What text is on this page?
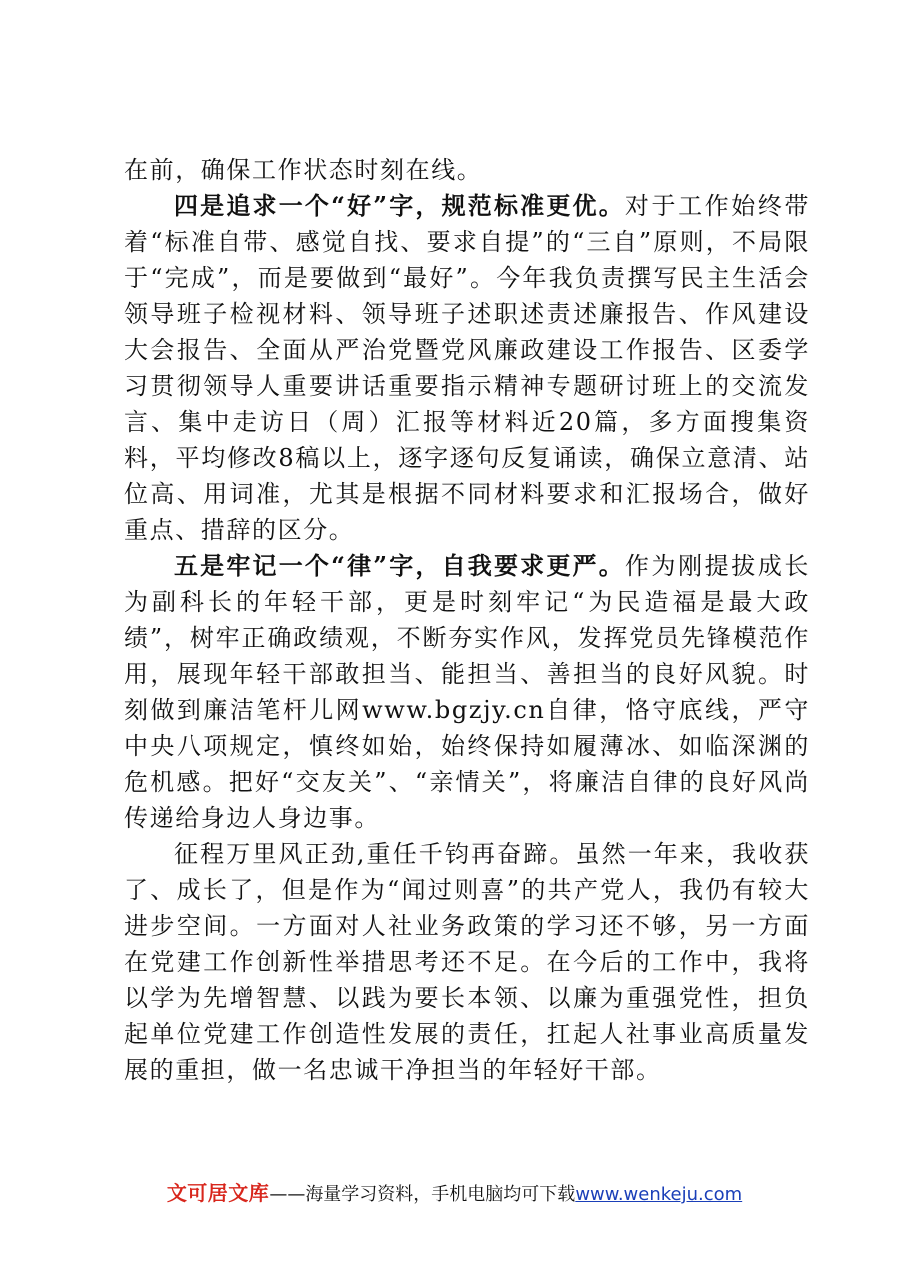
在前，确保工作状态时刻在线。

四是追求一个“好”字，规范标准更优。对于工作始终带着“标准自带、感觉自找、要求自提”的“三自”原则，不局限于“完成”，而是要做到“最好”。今年我负责撰写民主生活会领导班子检视材料、领导班子述职述责述廉报告、作风建设大会报告、全面从严治党暨党风廉政建设工作报告、区委学习贯彻领导人重要讲话重要指示精神专题研讨班上的交流发言、集中走访日（周）汇报等材料近20篇，多方面搜集资料，平均修改8稿以上，逐字逐句反复诵读，确保立意清、站位高、用词准，尤其是根据不同材料要求和汇报场合，做好重点、措辞的区分。

五是牢记一个“律”字，自我要求更严。作为刚提拔成长为副科长的年轻干部，更是时刻牢记“为民造福是最大政绩”，树牢正确政绩观，不断夯实作风，发挥党员先锋模范作用，展现年轻干部敢担当、能担当、善担当的良好风貌。时刻做到廉洁笔杆儿网www.bgzjy.cn自律，恪守底线，严守中央八项规定，慎终如始，始终保持如履薄冰、如临深渊的危机感。把好“交友关”、“亲情关”，将廉洁自律的良好风尚传递给身边人身边事。

征程万里风正劲,重任千钧再奋蹄。虽然一年来，我收获了、成长了，但是作为“闻过则喜”的共产党人，我仍有较大进步空间。一方面对人社业务政策的学习还不够，另一方面在党建工作创新性举措思考还不足。在今后的工作中，我将以学为先增智慧、以践为要长本领、以廉为重强党性，担负起单位党建工作创造性发展的责任，扛起人社事业高质量发展的重担，做一名忠诚干净担当的年轻好干部。

文可居文库——海量学习资料，手机电脑均可下载www.wenkeju.com
